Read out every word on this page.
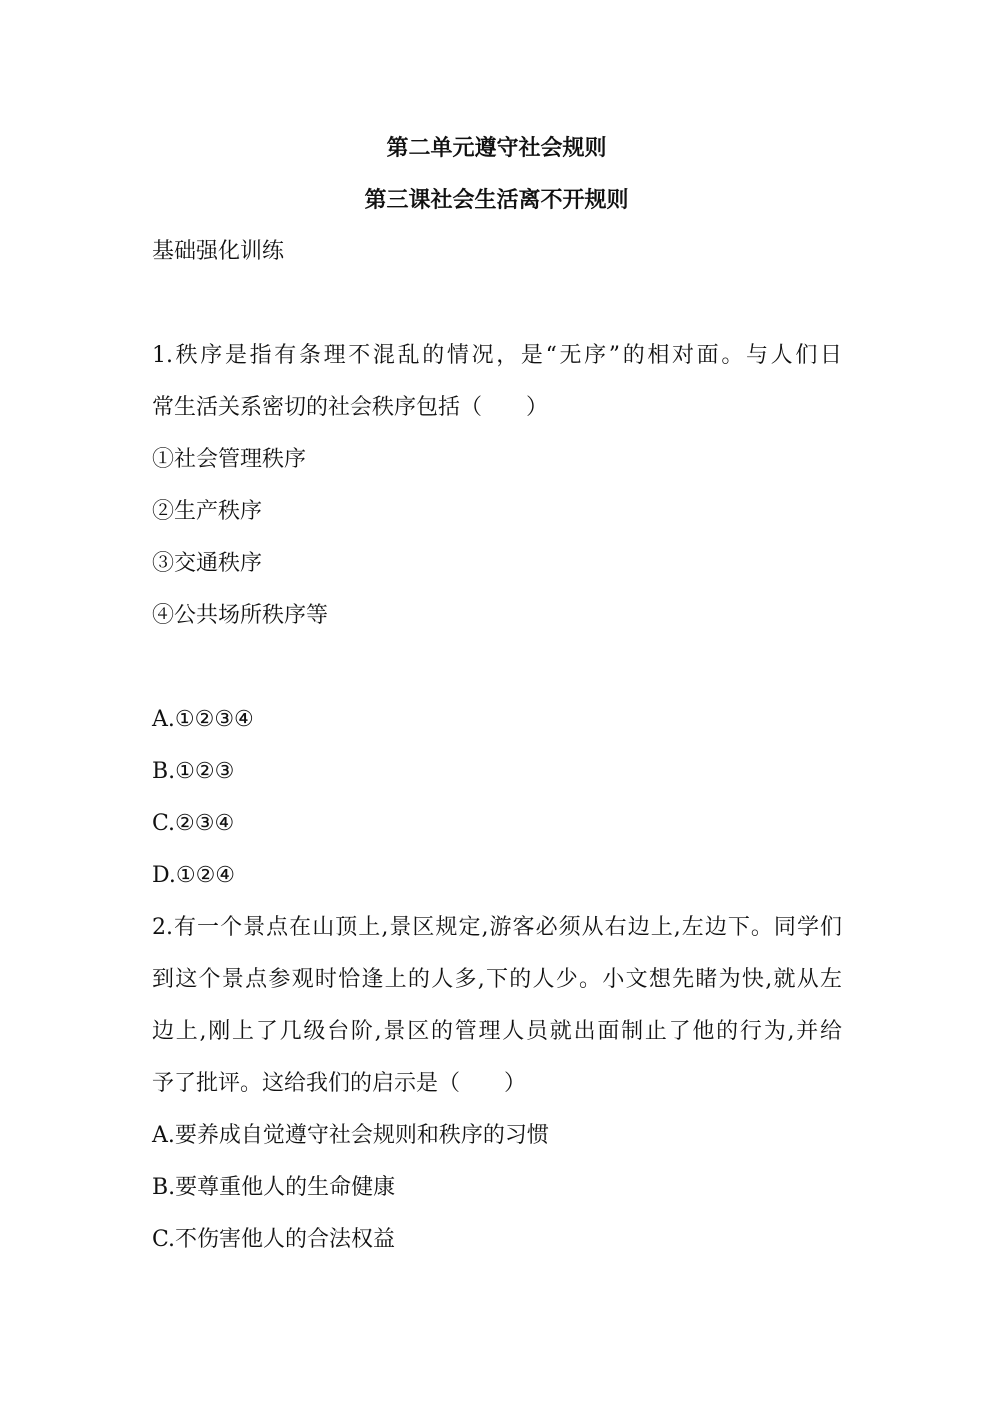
第二单元遵守社会规则
第三课社会生活离不开规则
基础强化训练
1.秩序是指有条理不混乱的情况，是“无序”的相对面。与人们日
常生活关系密切的社会秩序包括（　　）
①社会管理秩序
②生产秩序
③交通秩序
④公共场所秩序等
A.①②③④
B.①②③
C.②③④
D.①②④
2.有一个景点在山顶上,景区规定,游客必须从右边上,左边下。同学们
到这个景点参观时恰逢上的人多,下的人少。小文想先睹为快,就从左
边上,刚上了几级台阶,景区的管理人员就出面制止了他的行为,并给
予了批评。这给我们的启示是（　　）
A.要养成自觉遵守社会规则和秩序的习惯
B.要尊重他人的生命健康
C.不伤害他人的合法权益
